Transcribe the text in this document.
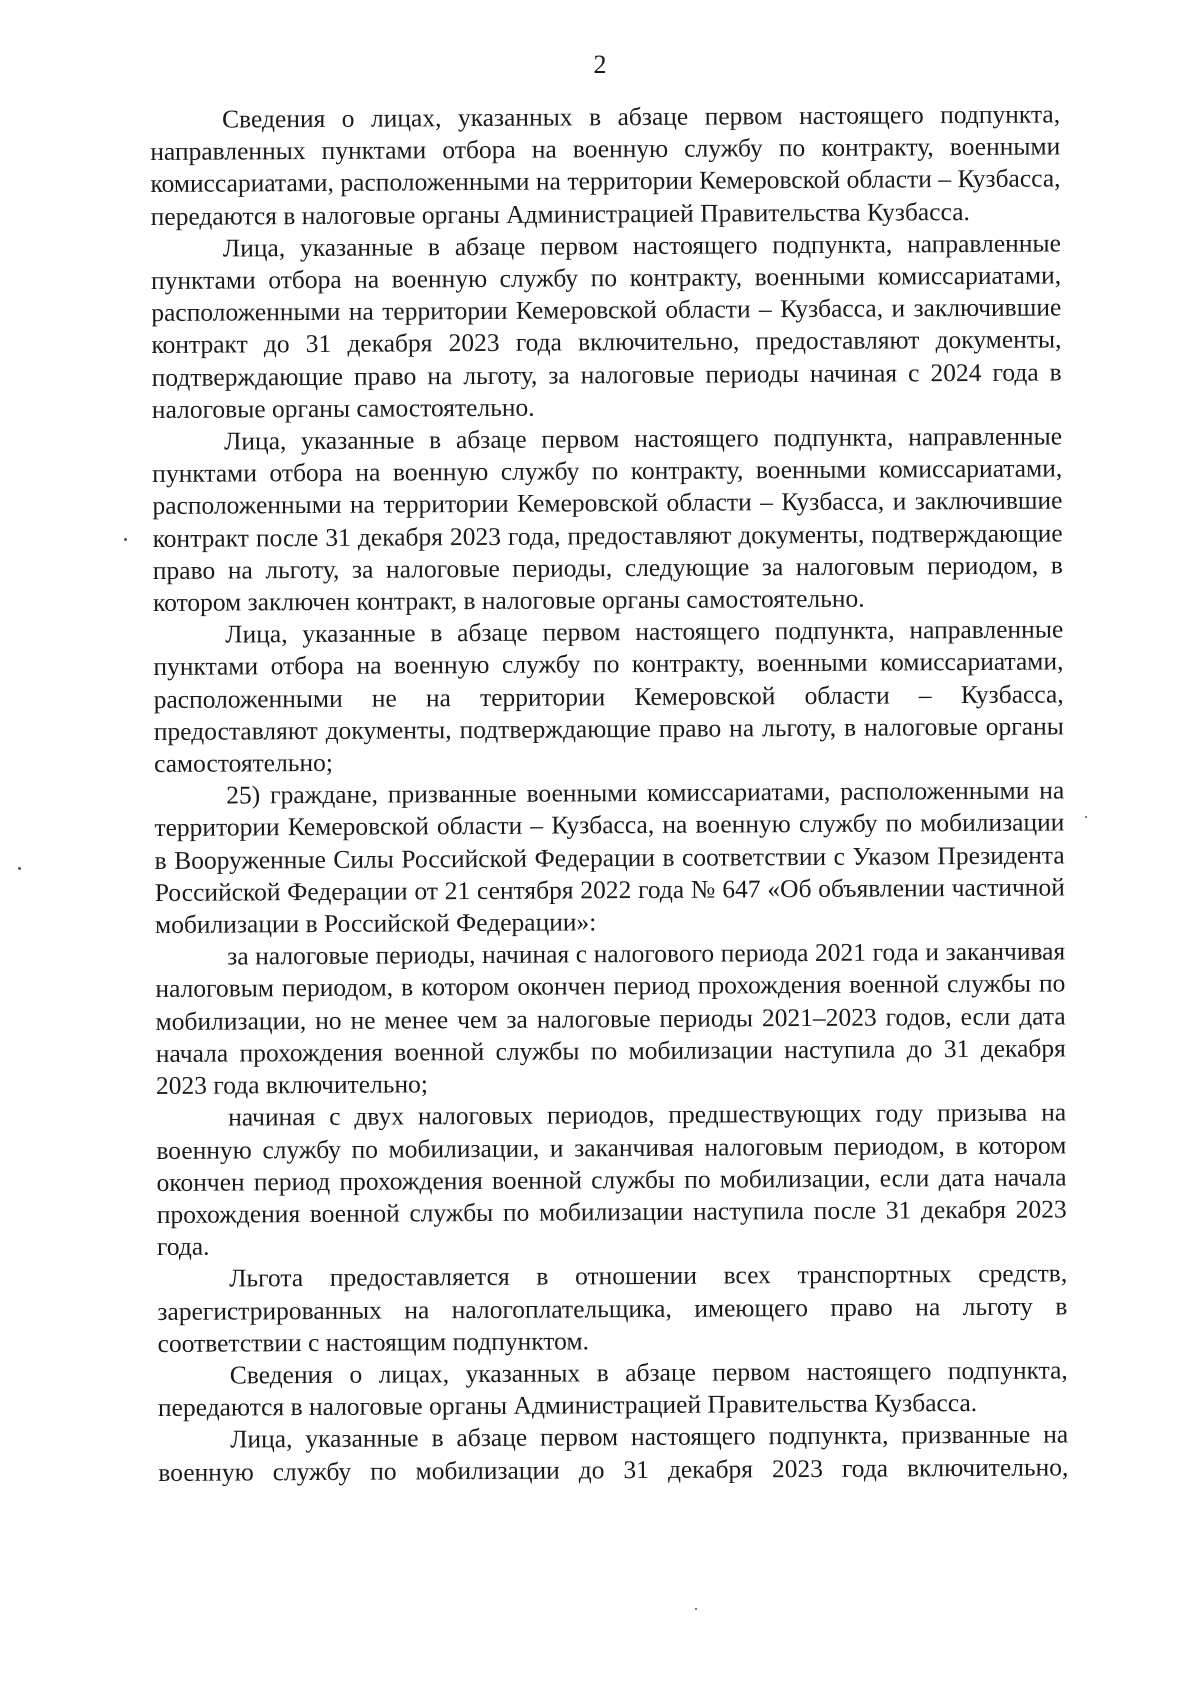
2

Сведения о лицах, указанных в абзаце первом настоящего подпункта, направленных пунктами отбора на военную службу по контракту, военными комиссариатами, расположенными на территории Кемеровской области – Кузбасса, передаются в налоговые органы Администрацией Правительства Кузбасса.

Лица, указанные в абзаце первом настоящего подпункта, направленные пунктами отбора на военную службу по контракту, военными комиссариатами, расположенными на территории Кемеровской области – Кузбасса, и заключившие контракт до 31 декабря 2023 года включительно, предоставляют документы, подтверждающие право на льготу, за налоговые периоды начиная с 2024 года в налоговые органы самостоятельно.

Лица, указанные в абзаце первом настоящего подпункта, направленные пунктами отбора на военную службу по контракту, военными комиссариатами, расположенными на территории Кемеровской области – Кузбасса, и заключившие контракт после 31 декабря 2023 года, предоставляют документы, подтверждающие право на льготу, за налоговые периоды, следующие за налоговым периодом, в котором заключен контракт, в налоговые органы самостоятельно.

Лица, указанные в абзаце первом настоящего подпункта, направленные пунктами отбора на военную службу по контракту, военными комиссариатами, расположенными не на территории Кемеровской области – Кузбасса, предоставляют документы, подтверждающие право на льготу, в налоговые органы самостоятельно;

25) граждане, призванные военными комиссариатами, расположенными на территории Кемеровской области – Кузбасса, на военную службу по мобилизации в Вооруженные Силы Российской Федерации в соответствии с Указом Президента Российской Федерации от 21 сентября 2022 года № 647 «Об объявлении частичной мобилизации в Российской Федерации»:

за налоговые периоды, начиная с налогового периода 2021 года и заканчивая налоговым периодом, в котором окончен период прохождения военной службы по мобилизации, но не менее чем за налоговые периоды 2021–2023 годов, если дата начала прохождения военной службы по мобилизации наступила до 31 декабря 2023 года включительно;

начиная с двух налоговых периодов, предшествующих году призыва на военную службу по мобилизации, и заканчивая налоговым периодом, в котором окончен период прохождения военной службы по мобилизации, если дата начала прохождения военной службы по мобилизации наступила после 31 декабря 2023 года.

Льгота предоставляется в отношении всех транспортных средств, зарегистрированных на налогоплательщика, имеющего право на льготу в соответствии с настоящим подпунктом.

Сведения о лицах, указанных в абзаце первом настоящего подпункта, передаются в налоговые органы Администрацией Правительства Кузбасса.

Лица, указанные в абзаце первом настоящего подпункта, призванные на военную службу по мобилизации до 31 декабря 2023 года включительно,
